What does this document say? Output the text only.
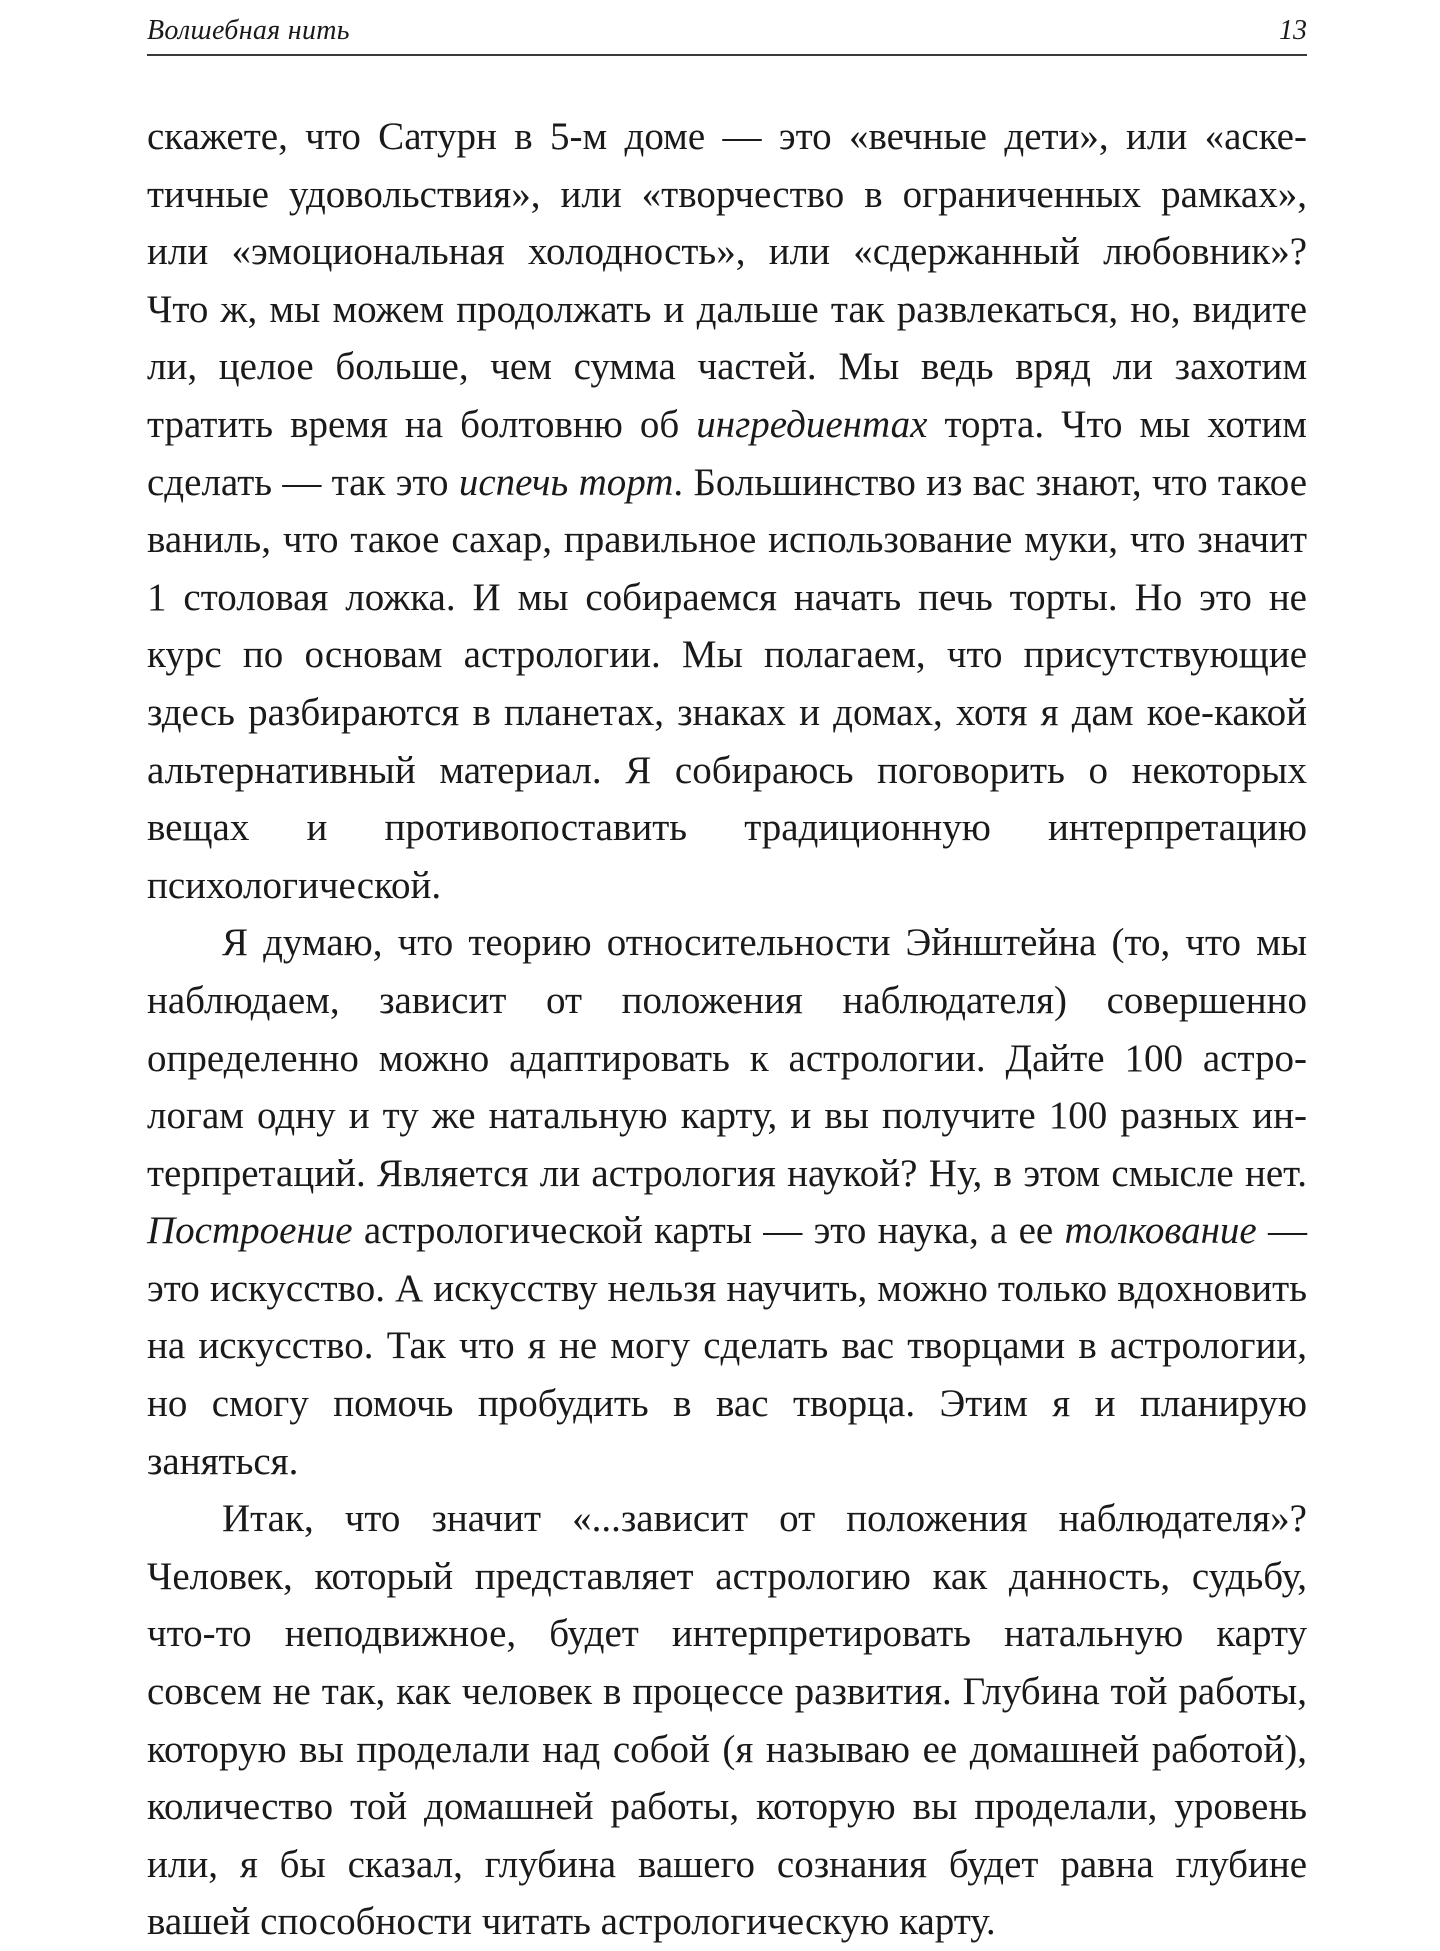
Волшебная нить	13

скажете, что Сатурн в 5-м доме — это «вечные дети», или «аскетичные удовольствия», или «творчество в ограниченных рамках», или «эмоциональная холодность», или «сдержанный любовник»? Что ж, мы можем продолжать и дальше так развлекаться, но, видите ли, целое больше, чем сумма частей. Мы ведь вряд ли захотим тратить время на болтовню об ингредиентах торта. Что мы хотим сделать — так это испечь торт. Большинство из вас знают, что такое ваниль, что такое сахар, правильное использование муки, что значит 1 столовая ложка. И мы собираемся начать печь торты. Но это не курс по основам астрологии. Мы полагаем, что присутствующие здесь разбираются в планетах, знаках и домах, хотя я дам кое-какой альтернативный материал. Я собираюсь поговорить о некоторых вещах и противопоставить традиционную интерпретацию психологической.

Я думаю, что теорию относительности Эйнштейна (то, что мы наблюдаем, зависит от положения наблюдателя) совершенно определенно можно адаптировать к астрологии. Дайте 100 астрологам одну и ту же натальную карту, и вы получите 100 разных интерпретаций. Является ли астрология наукой? Ну, в этом смысле нет. Построение астрологической карты — это наука, а ее толкование — это искусство. А искусству нельзя научить, можно только вдохновить на искусство. Так что я не могу сделать вас творцами в астрологии, но смогу помочь пробудить в вас творца. Этим я и планирую заняться.

Итак, что значит «...зависит от положения наблюдателя»? Человек, который представляет астрологию как данность, судьбу, что-то неподвижное, будет интерпретировать натальную карту совсем не так, как человек в процессе развития. Глубина той работы, которую вы проделали над собой (я называю ее домашней работой), количество той домашней работы, которую вы проделали, уровень или, я бы сказал, глубина вашего сознания будет равна глубине вашей способности читать астрологическую карту.
